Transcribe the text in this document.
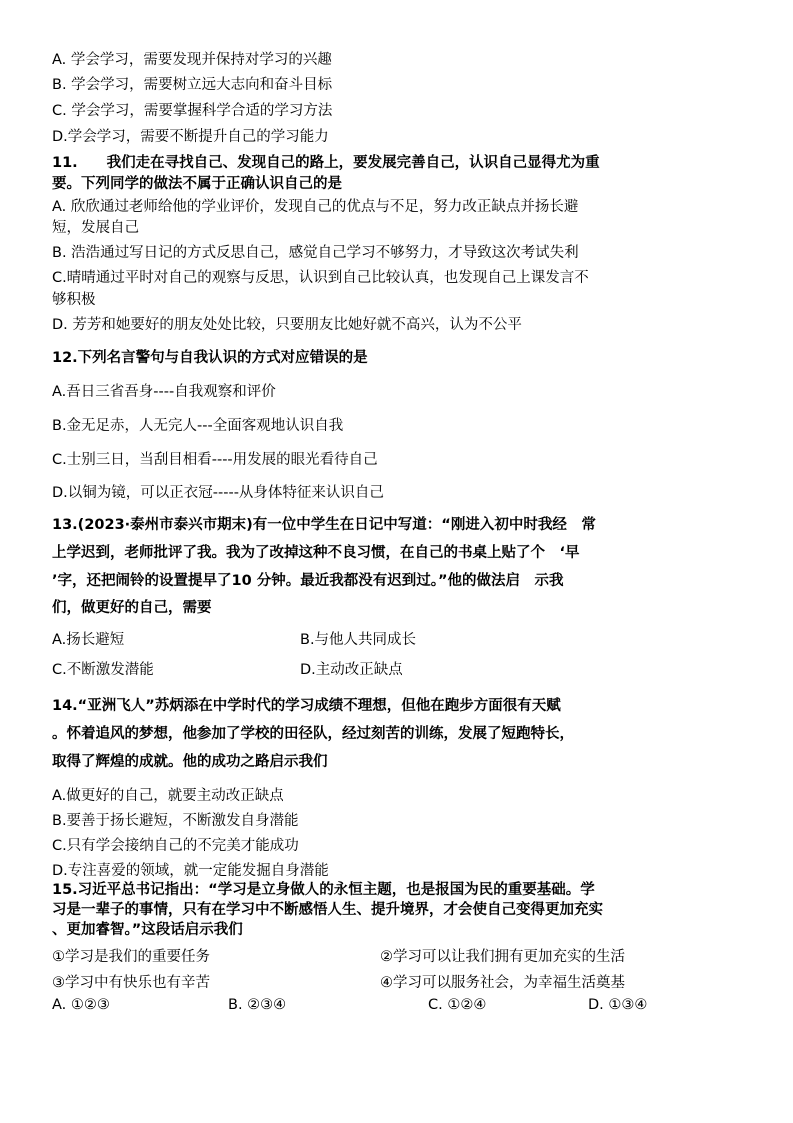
A. 学会学习，需要发现并保持对学习的兴趣
B. 学会学习，需要树立远大志向和奋斗目标
C. 学会学习，需要掌握科学合适的学习方法
D.学会学习，需要不断提升自己的学习能力
11.　　我们走在寻找自己、发现自己的路上，要发展完善自己，认识自己显得尤为重
要。下列同学的做法不属于正确认识自己的是
A. 欣欣通过老师给他的学业评价，发现自己的优点与不足，努力改正缺点并扬长避
短，发展自己
B. 浩浩通过写日记的方式反思自己，感觉自己学习不够努力，才导致这次考试失利
C.晴晴通过平时对自己的观察与反思，认识到自己比较认真，也发现自己上课发言不
够积极
D. 芳芳和她要好的朋友处处比较，只要朋友比她好就不高兴，认为不公平
12.下列名言警句与自我认识的方式对应错误的是
A.吾日三省吾身----自我观察和评价
B.金无足赤，人无完人---全面客观地认识自我
C.士别三日，当刮目相看----用发展的眼光看待自己
D.以铜为镜，可以正衣冠-----从身体特征来认识自己
13.(2023·泰州市泰兴市期末)有一位中学生在日记中写道：“刚进入初中时我经　常
上学迟到，老师批评了我。我为了改掉这种不良习惯，在自己的书桌上贴了个　‘早
’字，还把闹铃的设置提早了10 分钟。最近我都没有迟到过。”他的做法启　示我
们，做更好的自己，需要
A.扬长避短	B.与他人共同成长
C.不断激发潜能	D.主动改正缺点
14.“亚洲飞人”苏炳添在中学时代的学习成绩不理想，但他在跑步方面很有天赋
。怀着追风的梦想，他参加了学校的田径队，经过刻苦的训练，发展了短跑特长，
取得了辉煌的成就。他的成功之路启示我们
A.做更好的自己，就要主动改正缺点
B.要善于扬长避短，不断激发自身潜能
C.只有学会接纳自己的不完美才能成功
D.专注喜爱的领域，就一定能发掘自身潜能
15.习近平总书记指出：“学习是立身做人的永恒主题，也是报国为民的重要基础。学
习是一辈子的事情，只有在学习中不断感悟人生、提升境界，才会使自己变得更加充实
、更加睿智。”这段话启示我们
①学习是我们的重要任务	②学习可以让我们拥有更加充实的生活
③学习中有快乐也有辛苦	④学习可以服务社会，为幸福生活奠基
A. ①②③	B. ②③④	C. ①②④	D. ①③④
